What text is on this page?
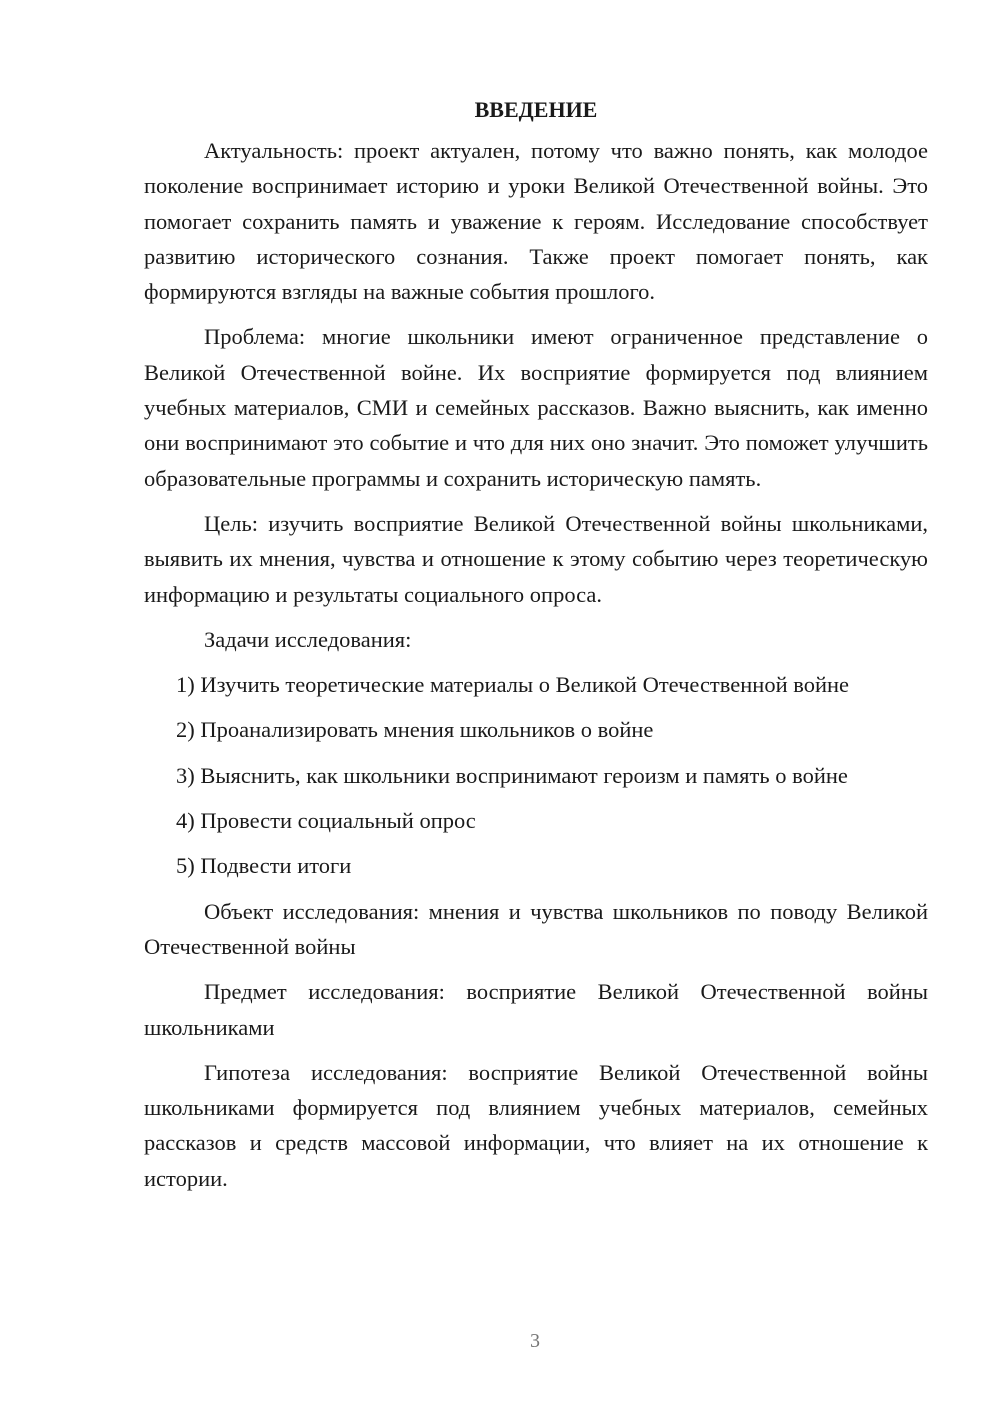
ВВЕДЕНИЕ

Актуальность: проект актуален, потому что важно понять, как молодое поколение воспринимает историю и уроки Великой Отечественной войны. Это помогает сохранить память и уважение к героям. Исследование способствует развитию исторического сознания. Также проект помогает понять, как формируются взгляды на важные события прошлого.

Проблема: многие школьники имеют ограниченное представление о Великой Отечественной войне. Их восприятие формируется под влиянием учебных материалов, СМИ и семейных рассказов. Важно выяснить, как именно они воспринимают это событие и что для них оно значит. Это поможет улучшить образовательные программы и сохранить историческую память.

Цель: изучить восприятие Великой Отечественной войны школьниками, выявить их мнения, чувства и отношение к этому событию через теоретическую информацию и результаты социального опроса.

Задачи исследования:

1) Изучить теоретические материалы о Великой Отечественной войне

2) Проанализировать мнения школьников о войне

3) Выяснить, как школьники воспринимают героизм и память о войне

4) Провести социальный опрос

5) Подвести итоги

Объект исследования: мнения и чувства школьников по поводу Великой Отечественной войны

Предмет исследования: восприятие Великой Отечественной войны школьниками

Гипотеза исследования: восприятие Великой Отечественной войны школьниками формируется под влиянием учебных материалов, семейных рассказов и средств массовой информации, что влияет на их отношение к истории.

3
